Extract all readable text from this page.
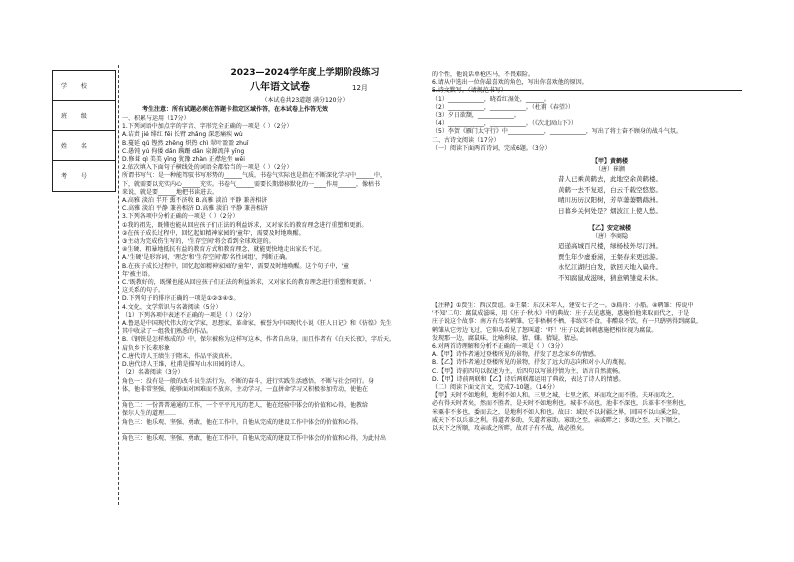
学 校
班 级
姓 名
考 号
2023—2024学年度上学期阶段练习
八年语文试卷	12月
（本试卷共23道题 满分120分）
考生注意：所有试题必须在答题卡指定区域作答，在本试卷上作答无效
一、积累与运用（17分）
1.下列词语中加点字的字音、字形完全正确的一项是（ ）（2分）
A.诘责 jié 绯红 fēi 长臂 zhǎng 深恶痛疾 wù
B.蔓延 qǔ 铿然 zhēng 炽热 chì 翠叶盈盈 zhuī
C.愚钝 yú 佝偻 dǎn 蹒跚 dān 泉源流萍 yīng
D.修葺 qì 美美 yīng 犹豫 zhàn 正襟危坐 wēi
2.依次填入下面句子横线处的词语全都恰当的一项是（ ）（2分）
所谓书写气：是一种能驾驭书写形势的______气质，书卷气实际也是指在不断深化学习中______中，
下，就需要以充实内心______充实。书卷气______需要长期潜移默化的一____作用______，像枯书
来说，就是要______地把书读进去。
A.高雅 淡泊 半开 熏不济收 B.高雅 淡泊 平静 兼善相济
C.高雅 淡泊 平静 兼善相济 D.高雅 淡泊 平静 兼善相济
3.下列各项中分析正确的一项是（ ）（2分）
①我的祖先，既懂也能从回应孩子们正法的利益诉求，又对家长的教育理念进行重塑和更新。
②在孩子成长过程中，回忆起如精神家园的'童年'，需要及时地唤醒。
③主动为完成伤生写的，'生存空间'将会看到全球欢迎的。
④生硬、粗暴地抵抗有益的教育方式和教育理念，就能更快地走出家长不足。
A.'生硬'是形容词，'理念'和'生存空间'都'名性词组'，判断正确。
B.在孩子成长过程中，回忆起如精神家园的'童年'，需要及时地唤醒。这个句子中，'童
年'被主语。
C.'既教好的，既懂也能从回应孩子们正法的利益诉求，又对家长的教育理念进行重塑和更新。'
这关系的句子。
D.下列句子的排序正确的一项是①②③④⑤。
4.文化、文学常识与名著阅读（5分）
（1）下列各项中表述不正确的一项是（ ）（2分）
A.鲁迅是中国现代伟大的文学家，思想家，革命家，被誉为中国现代小说《狂人日记》和《彷徨》先生
其中收录了一组我们熟悉的作品。
B.《钢铁是怎样炼成的》中，保尔被称为这样写这本，作者自出身，而且作者有《白天长夜》，字后天。
肩负乡下长辈形象
C.唐代诗人王绩生于隋末，作品平淡真朴。
D.唐代诗人王维，杜甫是描写山水田园的诗人。
（2）名著阅读（3分）
角色一：没有是一般的改斗员生活行为，不断的奋斗，进行实践生活感悟，不断与社会同行。身
体，他非常坚强，能够面对困难而不放弃，主动学习，一直拼命学习又积极参加劳动，使他在
____________________________________________________________
角色二：一份普普通通的工作，一个平平凡凡的老人，他在经验中体会的价值和心得，他教给
保尔人生的道理……
角色三：他乐观、坚强、勇敢，他在工作中，自他从完成的建设工作中体会的价值和心得。
____________________________________________________________
角色三：他乐观、坚强、勇敢，他在工作中，自他从完成的建设工作中体会的价值和心得，为此付出
的个性，他说话单枪匹马，不畏艰险。
6.请从中选出一位你最喜欢的角色，写出你喜欢他的原因。
5.诗文默写。（请规范书写）
（1）____________，晓看红湿处，______。
（2）____________，____________。（杜甫《春望》）
（3）夕日欲颓，____________。
（4）____________，____________。（《次北固山下》）
（5）李贺《雁门太守行》中____________，____________，写出了将士奋不顾身的战斗气氛。
二、古诗文阅读（17分）
（一）阅读下面两首诗词，完成6题。（3分）
【甲】黄鹤楼
（唐）崔颢
昔人已乘黄鹤去，此地空余黄鹤楼。
黄鹤一去不复返，白云千载空悠悠。
晴川历历汉阳树，芳草萋萋鹦鹉洲。
日暮乡关何处是？烟波江上使人愁。
【乙】安定城楼
（唐）李商隐
迢递高城百尺楼，绿杨枝外尽汀洲。
贾生年少虚垂涕，王粲春来更远游。
永忆江湖归白发，欲回天地入扁舟。
不知腐鼠成滋味，猜意鹓雏竟未休。
【注释】①贾生：西汉贾谊。②王粲：东汉末年人，建安七子之一。③扁舟：小船。④鹓雏：传说中
'不知'二句：腐鼠成滋味，用《庄子·秋水》中的典故：庄子去见惠施，惠施怕他来取而代之，于是
庄子说这个故事：南方有鸟名鹓雏，它非梧桐不栖，非练实不食，非醴泉不饮，有一只鸱鸮得到腐鼠，
鹓雏从它旁边飞过，它仰头看见了怒叫道：'吓！'庄子以此讽刺惠施把相位视为腐鼠。
发现那一边，腐鼠味，比喻利禄，猜、嫌。猜疑，猜忌。
6.对两首诗理解和分析不正确的一项是（ ）（3分）
A.【甲】诗作者通过登楼所见的景物，抒发了思念家乡的情感。
B.【乙】诗作者通过登楼所见的景物，抒发了远大的志向和对小人的蔑视。
C.【甲】诗前四句以叙述为主，后四句以写景抒情为主，语言自然流畅。
D.【甲】诗前两联和【乙】诗后两联都运用了典故，表达了诗人的情感。
（二）阅读下面文言文，完成7-10题。（14分）
【甲】天时不如地利，地利不如人和。三里之城，七里之郭，环而攻之而不胜。夫环而攻之，
必有得天时者矣，然而不胜者，是天时不如地利也。城非不高也，池非不深也，兵革非不坚利也，
米粟非不多也，委而去之，是地利不如人和也。故曰：域民不以封疆之界，固国不以山溪之险，
威天下不以兵革之利。得道者多助，失道者寡助。寡助之至，亲戚畔之；多助之至，天下顺之。
以天下之所顺，攻亲戚之所畔，故君子有不战，战必胜矣。
